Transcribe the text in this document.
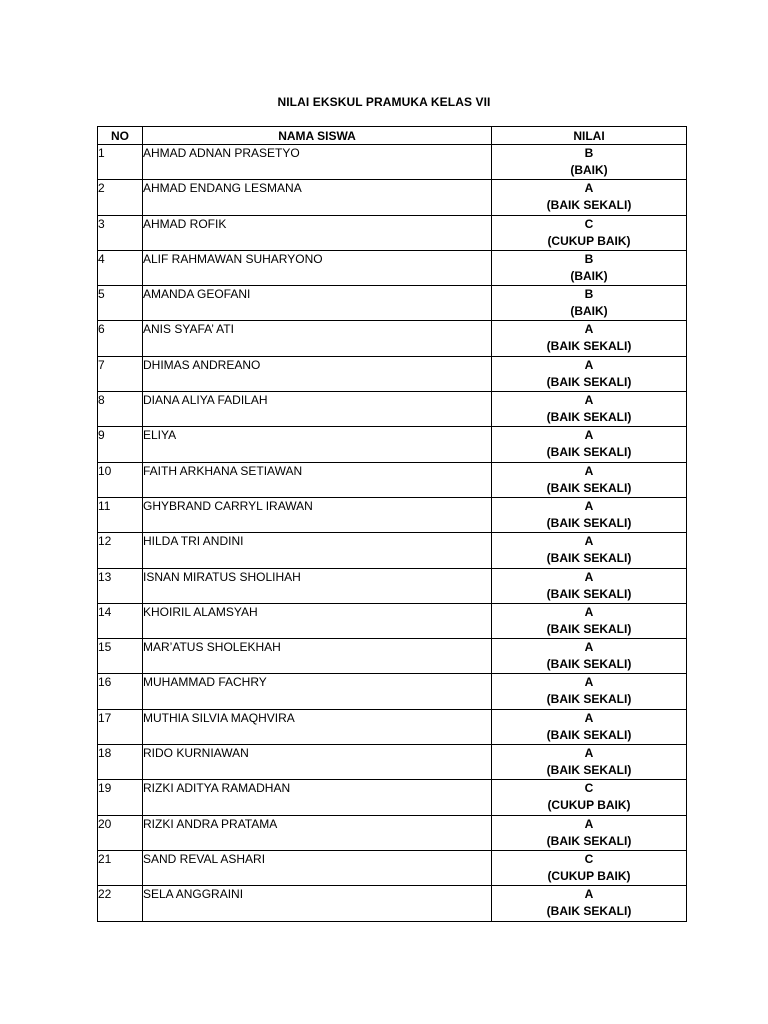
NILAI EKSKUL PRAMUKA KELAS VII
NO	NAMA SISWA	NILAI
1	AHMAD ADNAN PRASETYO	B
(BAIK)

2	AHMAD ENDANG LESMANA	A
(BAIK SEKALI)

3	AHMAD ROFIK	C
(CUKUP BAIK)

4	ALIF RAHMAWAN SUHARYONO	B
(BAIK)

5	AMANDA GEOFANI	B
(BAIK)

6	ANIS SYAFA’ ATI	A
(BAIK SEKALI)

7	DHIMAS ANDREANO	A
(BAIK SEKALI)

8	DIANA ALIYA FADILAH	A
(BAIK SEKALI)

9	ELIYA	A
(BAIK SEKALI)

10	FAITH ARKHANA SETIAWAN	A
(BAIK SEKALI)

11	GHYBRAND CARRYL IRAWAN	A
(BAIK SEKALI)

12	HILDA TRI ANDINI	A
(BAIK SEKALI)

13	ISNAN MIRATUS SHOLIHAH	A
(BAIK SEKALI)

14	KHOIRIL ALAMSYAH	A
(BAIK SEKALI)

15	MAR’ATUS SHOLEKHAH	A
(BAIK SEKALI)

16	MUHAMMAD FACHRY	A
(BAIK SEKALI)

17	MUTHIA SILVIA MAQHVIRA	A
(BAIK SEKALI)

18	RIDO KURNIAWAN	A
(BAIK SEKALI)

19	RIZKI ADITYA RAMADHAN	C
(CUKUP BAIK)

20	RIZKI ANDRA PRATAMA	A
(BAIK SEKALI)

21	SAND REVAL ASHARI	C
(CUKUP BAIK)

22	SELA ANGGRAINI	A
(BAIK SEKALI)
